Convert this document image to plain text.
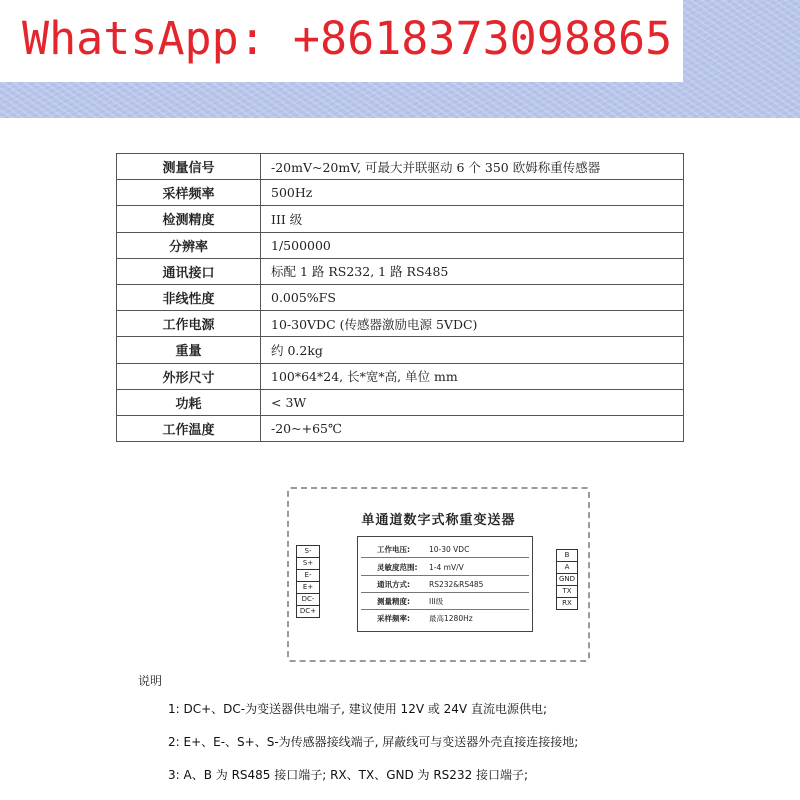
WhatsApp: +8618373098865
测量信号	-20mV~20mV, 可最大并联驱动 6 个 350 欧姆称重传感器
采样频率	500Hz
检测精度	III 级
分辨率	1/500000
通讯接口	标配 1 路 RS232, 1 路 RS485
非线性度	0.005%FS
工作电源	10-30VDC (传感器激励电源 5VDC)
重量	约 0.2kg
外形尺寸	100*64*24, 长*宽*高, 单位 mm
功耗	< 3W
工作温度	-20~+65℃
单通道数字式称重变送器
工作电压:	10-30 VDC
灵敏度范围: 1-4 mV/V
通讯方式:	RS232&RS485
测量精度:	III级
采样频率:	最高1280Hz
S-
S+
E-
E+
DC-
DC+
B
A
GND
TX
RX
说明
1: DC+、DC-为变送器供电端子, 建议使用 12V 或 24V 直流电源供电;
2: E+、E-、S+、S-为传感器接线端子, 屏蔽线可与变送器外壳直接连接接地;
3: A、B 为 RS485 接口端子; RX、TX、GND 为 RS232 接口端子;
